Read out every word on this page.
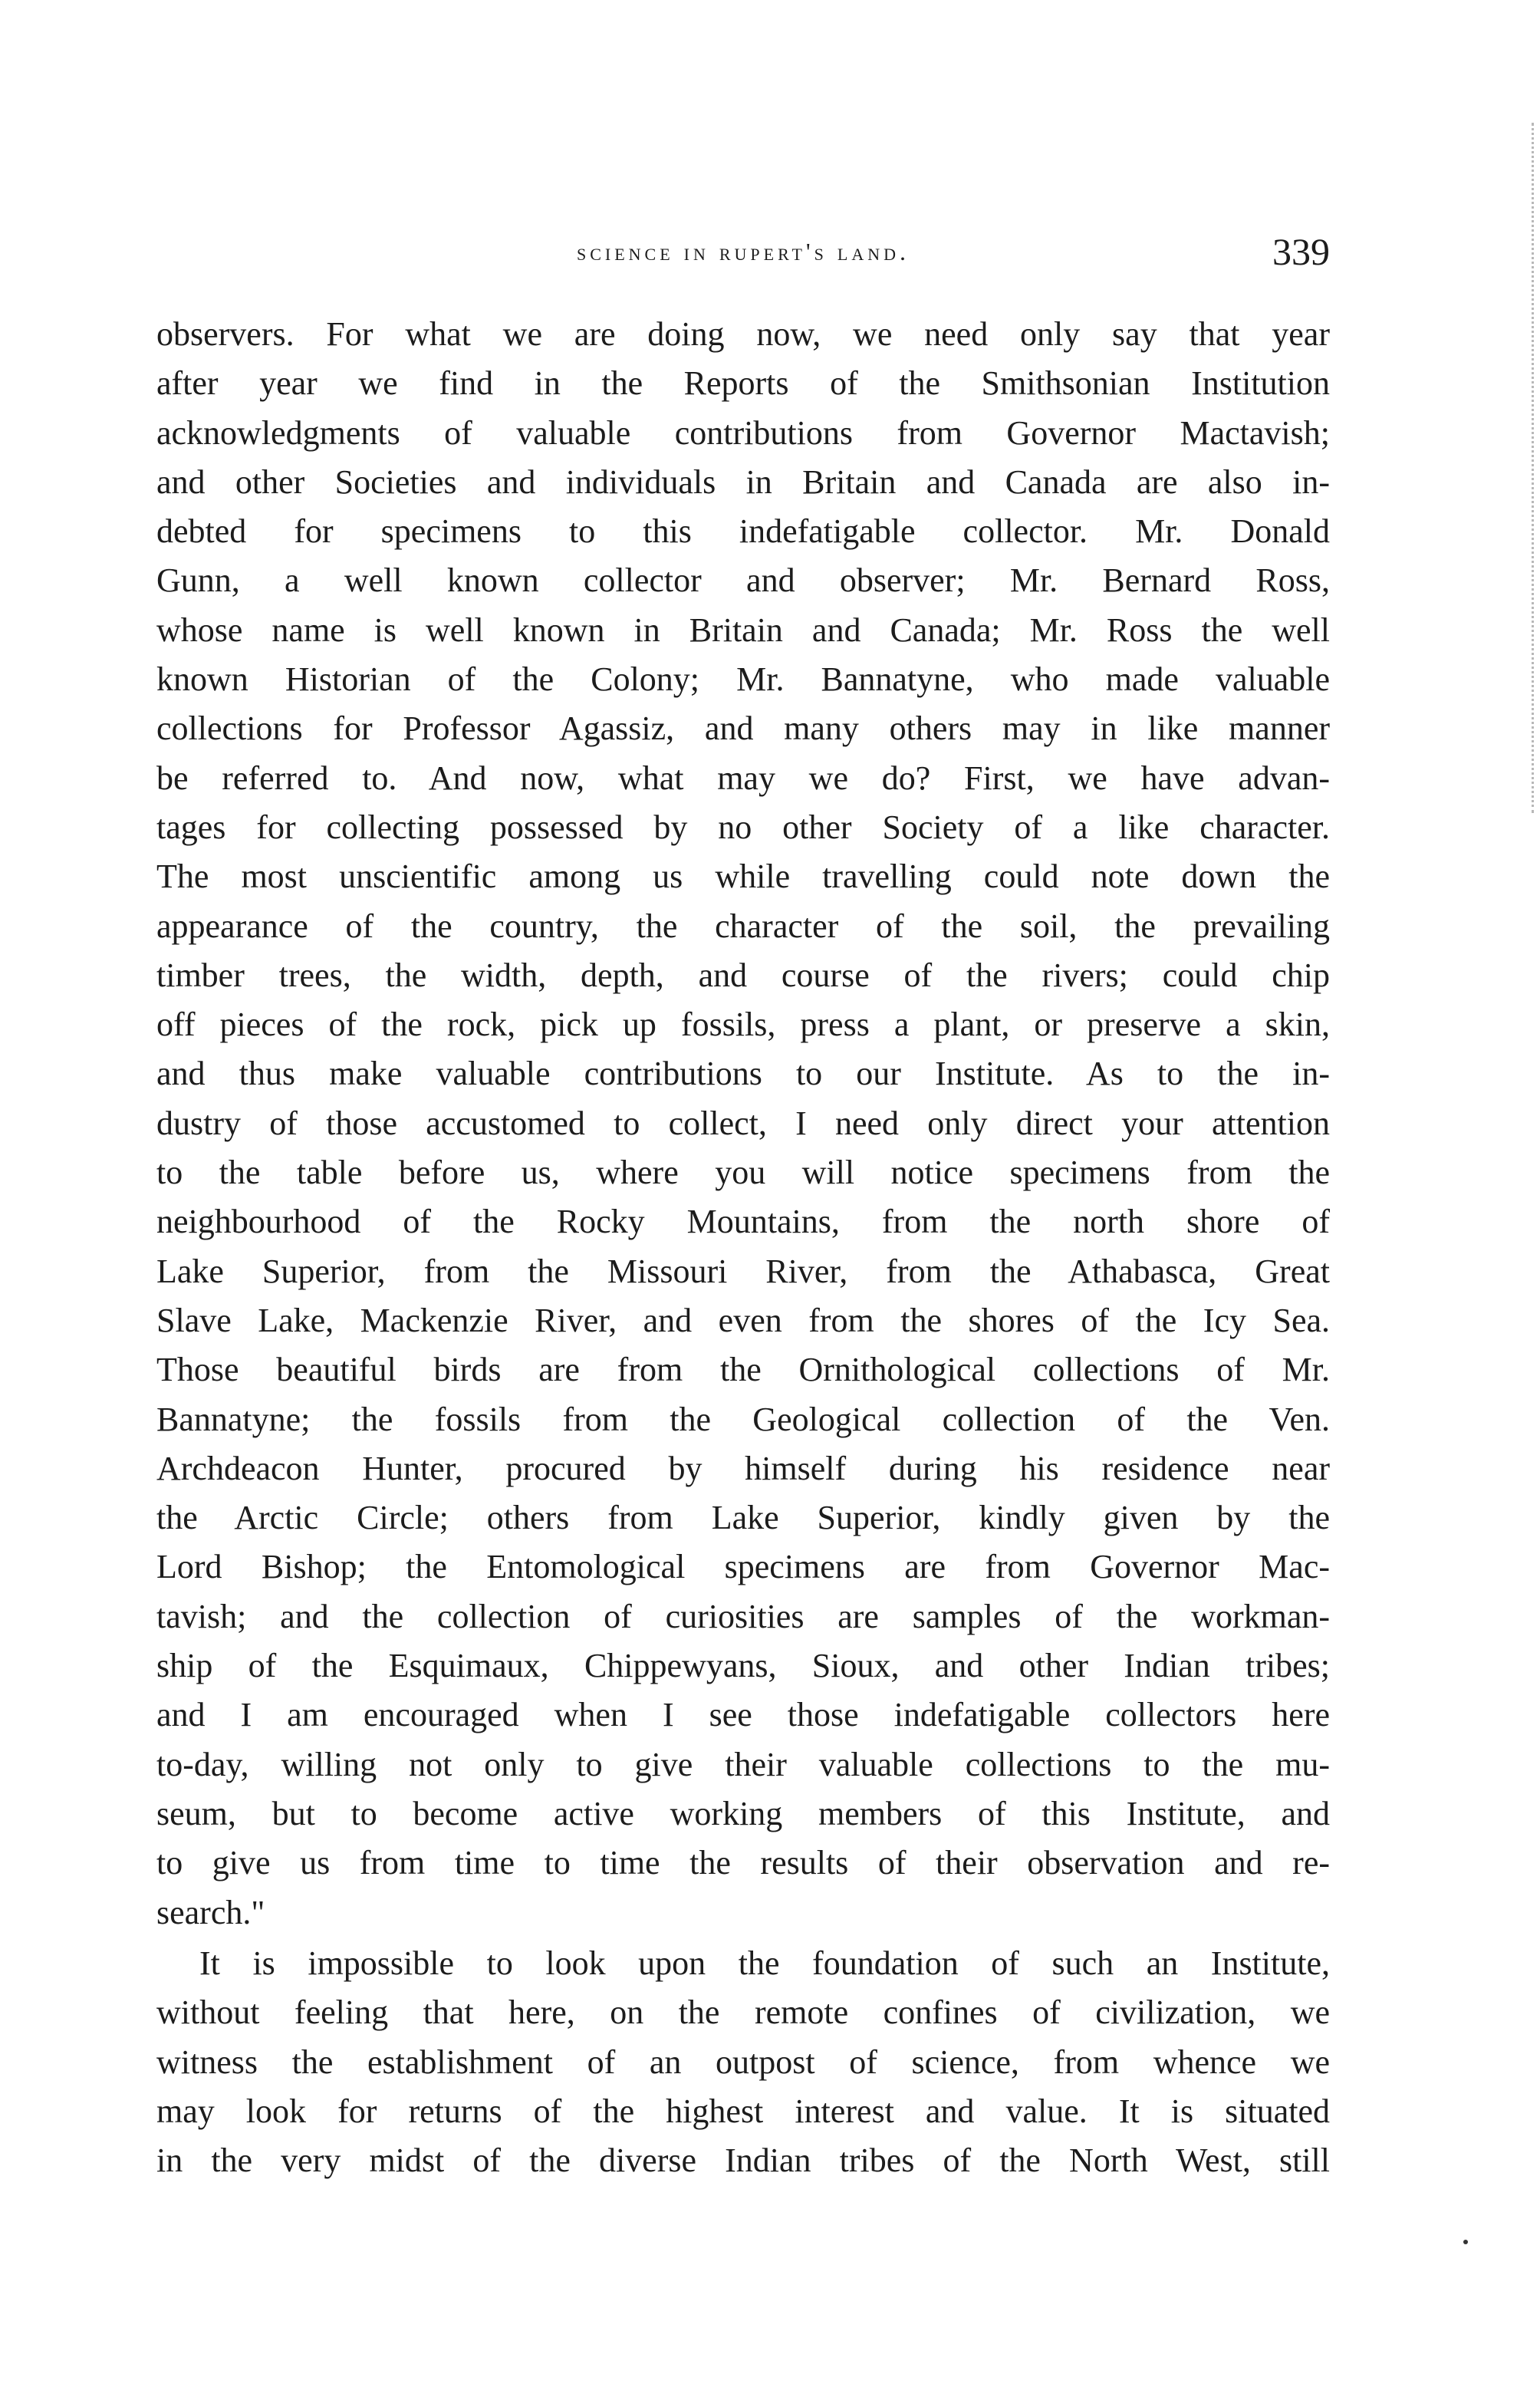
science in rupert's land.	339
observers. For what we are doing now, we need only say that year
after year we find in the Reports of the Smithsonian Institution
acknowledgments of valuable contributions from Governor Mactavish;
and other Societies and individuals in Britain and Canada are also in-
debted for specimens to this indefatigable collector. Mr. Donald
Gunn, a well known collector and observer; Mr. Bernard Ross,
whose name is well known in Britain and Canada; Mr. Ross the well
known Historian of the Colony; Mr. Bannatyne, who made valuable
collections for Professor Agassiz, and many others may in like manner
be referred to. And now, what may we do? First, we have advan-
tages for collecting possessed by no other Society of a like character.
The most unscientific among us while travelling could note down the
appearance of the country, the character of the soil, the prevailing
timber trees, the width, depth, and course of the rivers; could chip
off pieces of the rock, pick up fossils, press a plant, or preserve a skin,
and thus make valuable contributions to our Institute. As to the in-
dustry of those accustomed to collect, I need only direct your attention
to the table before us, where you will notice specimens from the
neighbourhood of the Rocky Mountains, from the north shore of
Lake Superior, from the Missouri River, from the Athabasca, Great
Slave Lake, Mackenzie River, and even from the shores of the Icy Sea.
Those beautiful birds are from the Ornithological collections of Mr.
Bannatyne; the fossils from the Geological collection of the Ven.
Archdeacon Hunter, procured by himself during his residence near
the Arctic Circle; others from Lake Superior, kindly given by the
Lord Bishop; the Entomological specimens are from Governor Mac-
tavish; and the collection of curiosities are samples of the workman-
ship of the Esquimaux, Chippewyans, Sioux, and other Indian tribes;
and I am encouraged when I see those indefatigable collectors here
to-day, willing not only to give their valuable collections to the mu-
seum, but to become active working members of this Institute, and
to give us from time to time the results of their observation and re-
search."
It is impossible to look upon the foundation of such an Institute,
without feeling that here, on the remote confines of civilization, we
witness the establishment of an outpost of science, from whence we
may look for returns of the highest interest and value. It is situated
in the very midst of the diverse Indian tribes of the North West, still
